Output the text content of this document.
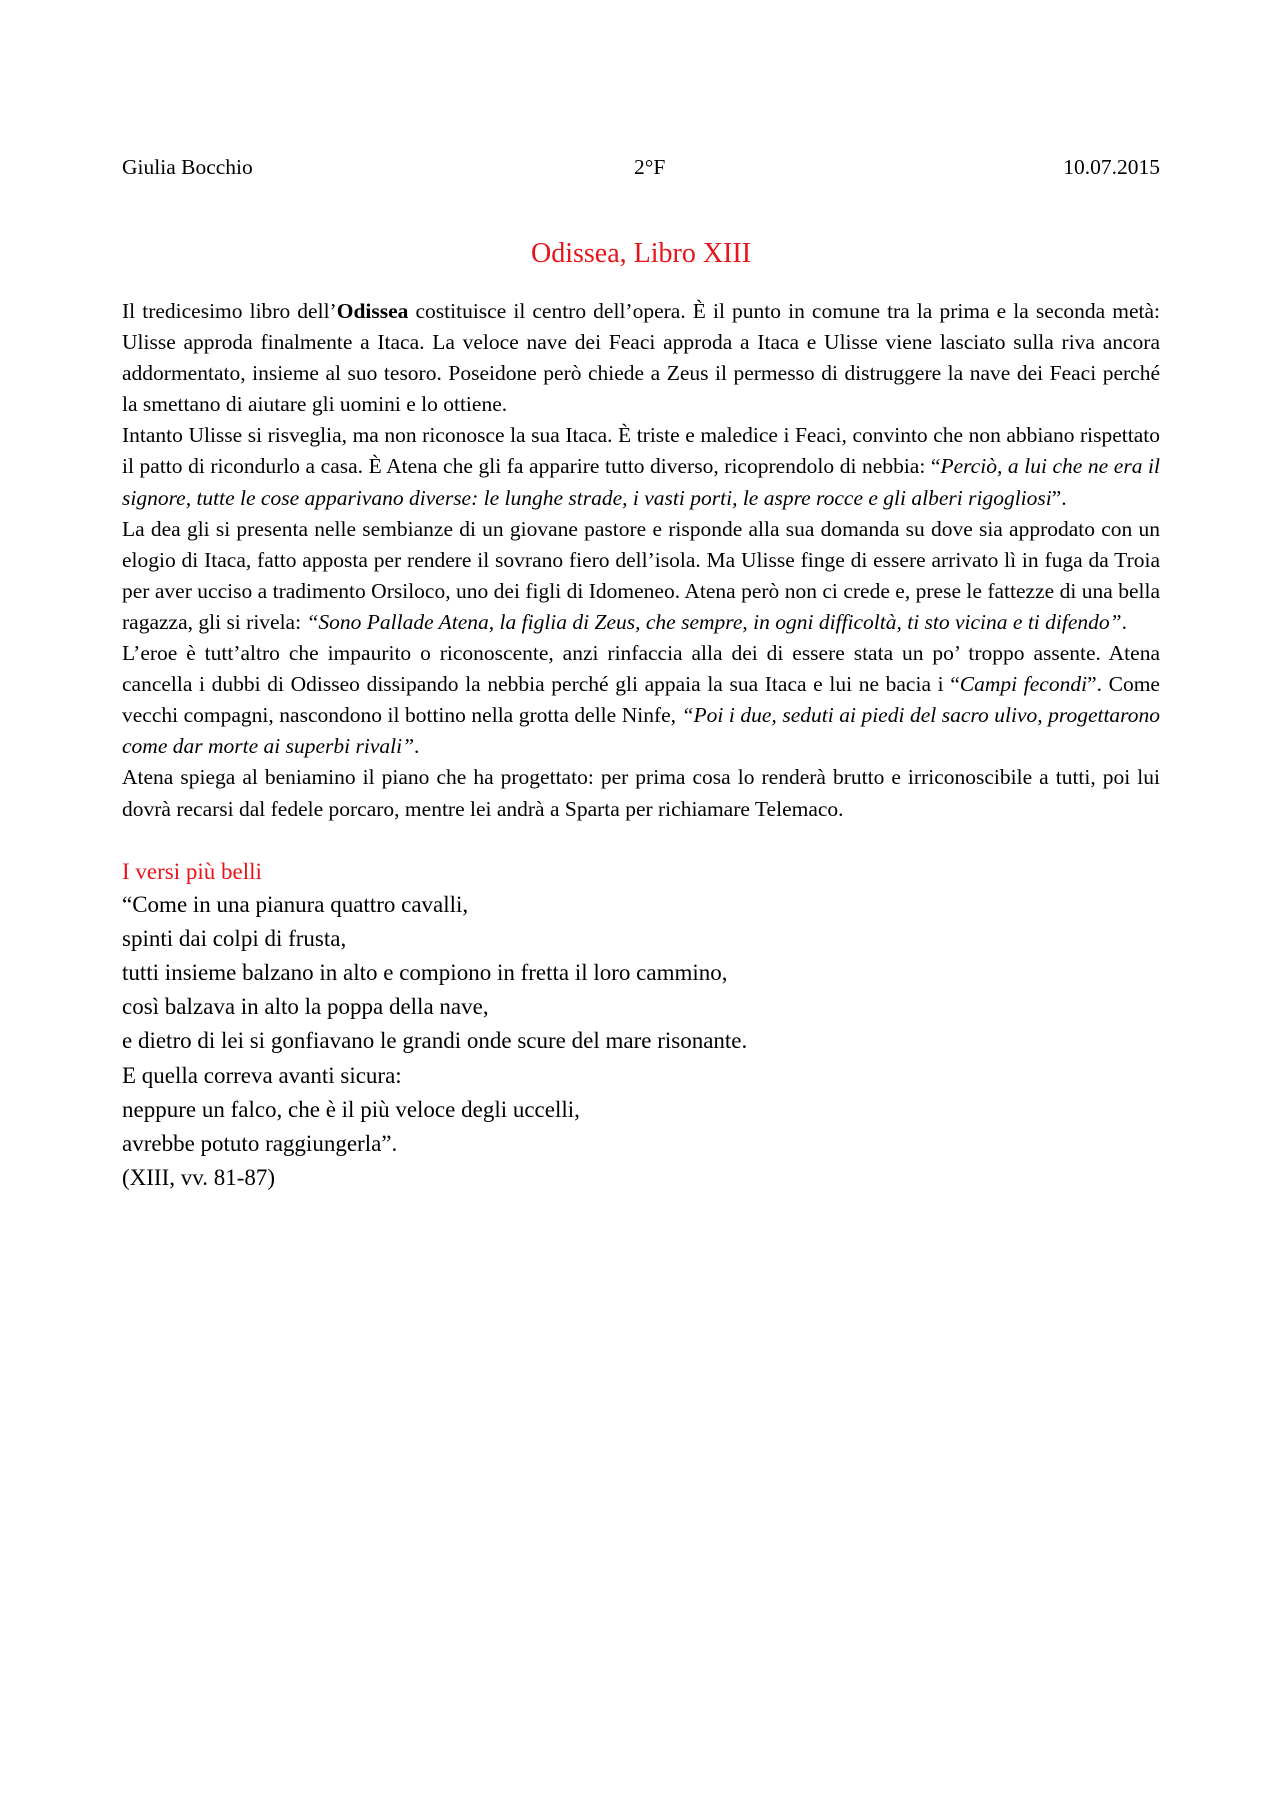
Giulia Bocchio	2°F	10.07.2015
Odissea, Libro XIII

Il tredicesimo libro dell’Odissea costituisce il centro dell’opera. È il punto in comune tra la prima e la seconda metà: Ulisse approda finalmente a Itaca. La veloce nave dei Feaci approda a Itaca e Ulisse viene lasciato sulla riva ancora addormentato, insieme al suo tesoro. Poseidone però chiede a Zeus il permesso di distruggere la nave dei Feaci perché la smettano di aiutare gli uomini e lo ottiene.

Intanto Ulisse si risveglia, ma non riconosce la sua Itaca. È triste e maledice i Feaci, convinto che non abbiano rispettato il patto di ricondurlo a casa. È Atena che gli fa apparire tutto diverso, ricoprendolo di nebbia: “Perciò, a lui che ne era il signore, tutte le cose apparivano diverse: le lunghe strade, i vasti porti, le aspre rocce e gli alberi rigogliosi”.

La dea gli si presenta nelle sembianze di un giovane pastore e risponde alla sua domanda su dove sia approdato con un elogio di Itaca, fatto apposta per rendere il sovrano fiero dell’isola. Ma Ulisse finge di essere arrivato lì in fuga da Troia per aver ucciso a tradimento Orsiloco, uno dei figli di Idomeneo. Atena però non ci crede e, prese le fattezze di una bella ragazza, gli si rivela: “Sono Pallade Atena, la figlia di Zeus, che sempre, in ogni difficoltà, ti sto vicina e ti difendo”.

L’eroe è tutt’altro che impaurito o riconoscente, anzi rinfaccia alla dei di essere stata un po’ troppo assente. Atena cancella i dubbi di Odisseo dissipando la nebbia perché gli appaia la sua Itaca e lui ne bacia i “Campi fecondi”. Come vecchi compagni, nascondono il bottino nella grotta delle Ninfe, “Poi i due, seduti ai piedi del sacro ulivo, progettarono come dar morte ai superbi rivali”.

Atena spiega al beniamino il piano che ha progettato: per prima cosa lo renderà brutto e irriconoscibile a tutti, poi lui dovrà recarsi dal fedele porcaro, mentre lei andrà a Sparta per richiamare Telemaco.

I versi più belli
“Come in una pianura quattro cavalli,
spinti dai colpi di frusta,
tutti insieme balzano in alto e compiono in fretta il loro cammino,
così balzava in alto la poppa della nave,
e dietro di lei si gonfiavano le grandi onde scure del mare risonante.
E quella correva avanti sicura:
neppure un falco, che è il più veloce degli uccelli,
avrebbe potuto raggiungerla”.
(XIII, vv. 81-87)
